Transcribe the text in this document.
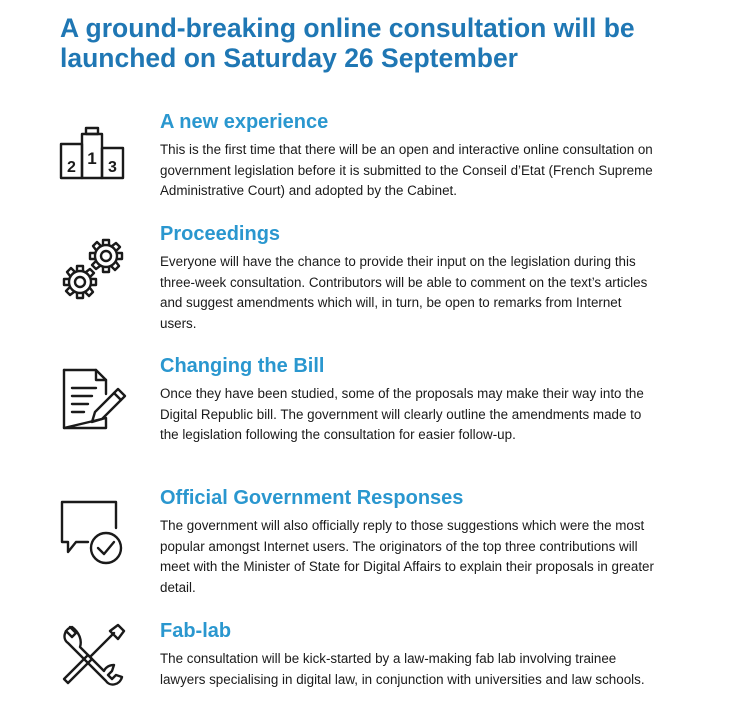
A ground-breaking online consultation will be launched on Saturday 26 September
1
2 3
A new experience

This is the first time that there will be an open and interactive online consultation on government legislation before it is submitted to the Conseil d’Etat (French Supreme Administrative Court) and adopted by the Cabinet.

Proceedings

Everyone will have the chance to provide their input on the legislation during this three-week consultation. Contributors will be able to comment on the text’s articles and suggest amendments which will, in turn, be open to remarks from Internet users.

Changing the Bill

Once they have been studied, some of the proposals may make their way into the Digital Republic bill. The government will clearly outline the amendments made to the legislation following the consultation for easier follow-up.

Official Government Responses

The government will also officially reply to those suggestions which were the most popular amongst Internet users. The originators of the top three contributions will meet with the Minister of State for Digital Affairs to explain their proposals in greater detail.

Fab-lab

The consultation will be kick-started by a law-making fab lab involving trainee lawyers specialising in digital law, in conjunction with universities and law schools.
